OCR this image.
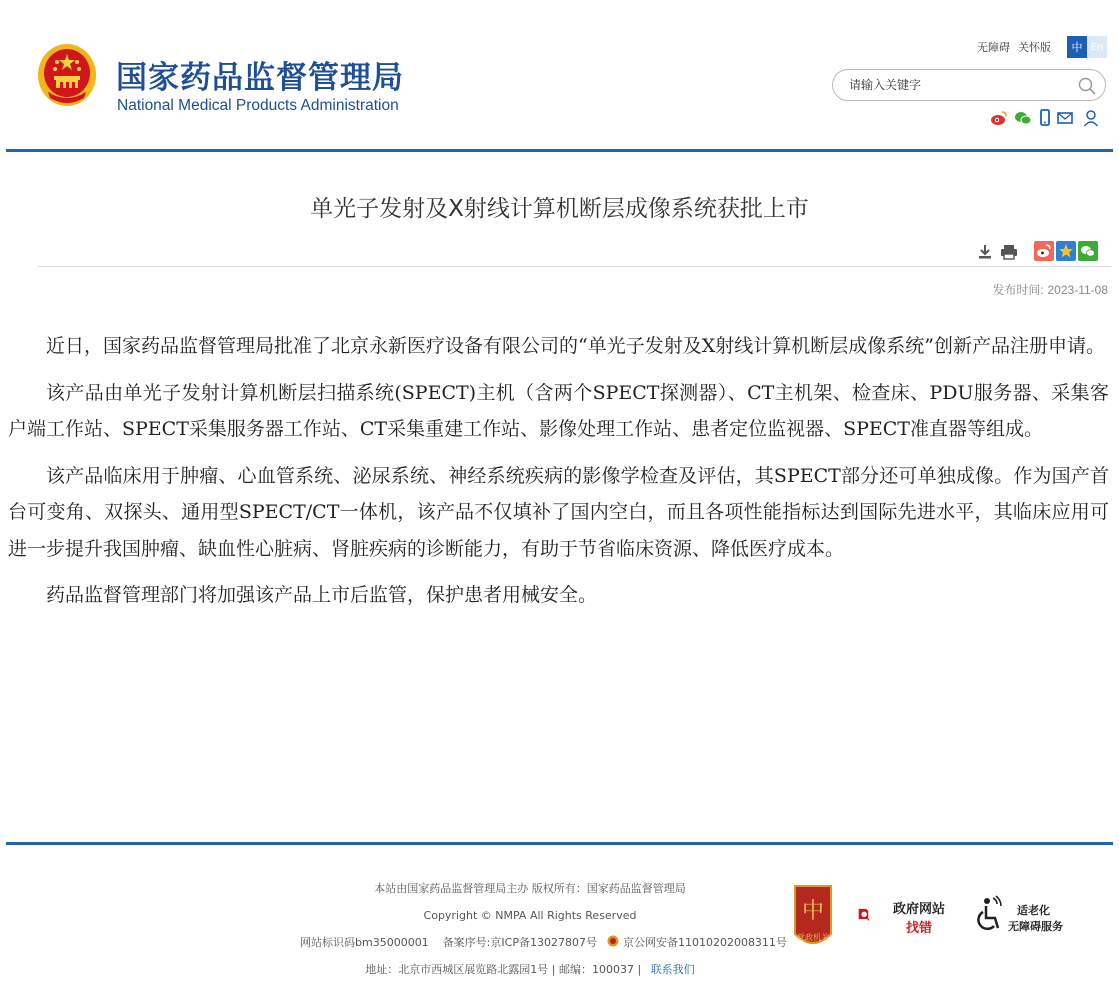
国家药品监督管理局
National Medical Products Administration
无障碍 关怀版	中 En
请输入关键字
单光子发射及X射线计算机断层成像系统获批上市
发布时间: 2023-11-08

近日，国家药品监督管理局批准了北京永新医疗设备有限公司的“单光子发射及X射线计算机断层成像系统”创新产品注册申请。

该产品由单光子发射计算机断层扫描系统(SPECT)主机（含两个SPECT探测器）、CT主机架、检查床、PDU服务器、采集客户端工作站、SPECT采集服务器工作站、CT采集重建工作站、影像处理工作站、患者定位监视器、SPECT准直器等组成。

该产品临床用于肿瘤、心血管系统、泌尿系统、神经系统疾病的影像学检查及评估，其SPECT部分还可单独成像。作为国产首台可变角、双探头、通用型SPECT/CT一体机，该产品不仅填补了国内空白，而且各项性能指标达到国际先进水平，其临床应用可进一步提升我国肿瘤、缺血性心脏病、肾脏疾病的诊断能力，有助于节省临床资源、降低医疗成本。

药品监督管理部门将加强该产品上市后监管，保护患者用械安全。

本站由国家药品监督管理局主办 版权所有：国家药品监督管理局
Copyright © NMPA All Rights Reserved
网站标识码bm35000001 备案序号:京ICP备13027807号 京公网安备11010202008311号
地址：北京市西城区展览路北露园1号 | 邮编：100037 | 联系我们
中
党政机关
政府网站
找错
适老化
无障碍服务
